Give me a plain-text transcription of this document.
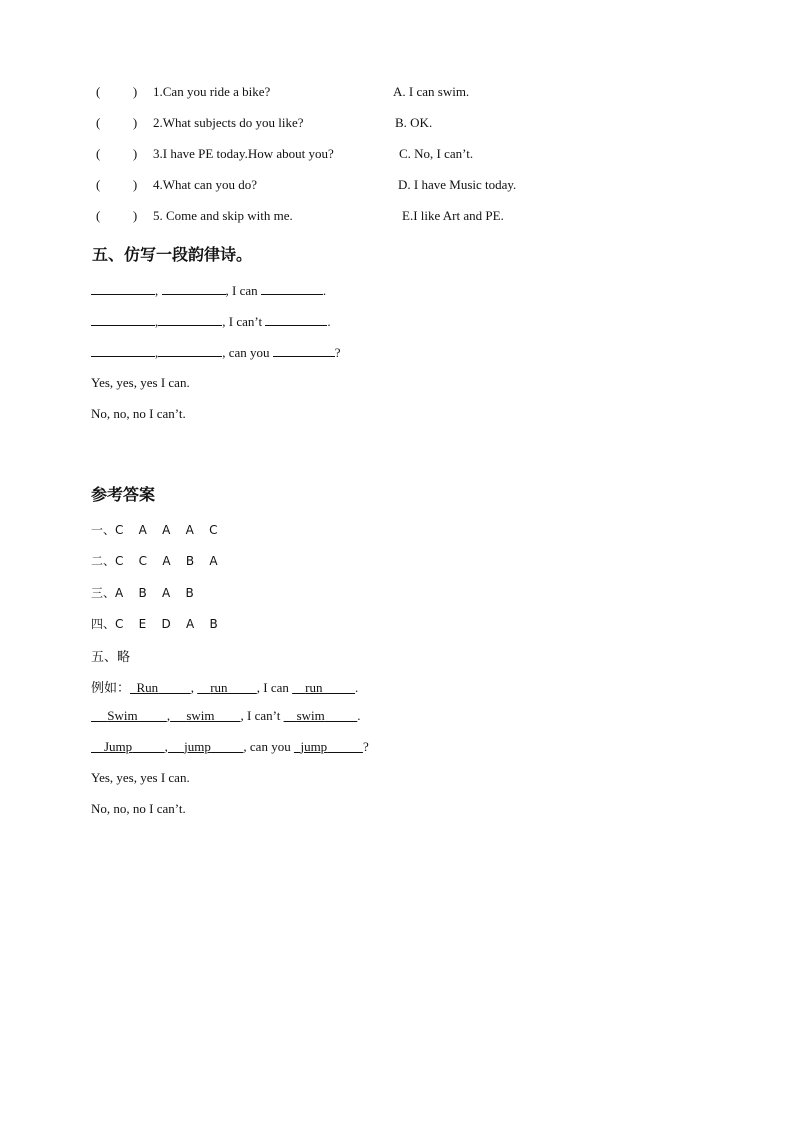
(          ) 1.Can you ride a bike?	A. I can swim.
(          ) 2.What subjects do you like?	B. OK.
(          ) 3.I have PE today.How about you?	C. No, I can’t.
(          ) 4.What can you do?	D. I have Music today.
(          ) 5. Come and skip with me.	E.I like Art and PE.
五、仿写一段韵律诗。
,	, I can	.
,	, I can’t	.
,	, can you	?
Yes, yes, yes I can.
No, no, no I can’t.
参考答案
一、C A A A C
二、C C A B A
三、A B A B
四、C E D A B
五、略
例如： Run	,     run , I can     run	.
Swim , swim , I can’t     swim	.
Jump	, jump	, can you   jump	?
Yes, yes, yes I can.
No, no, no I can’t.
